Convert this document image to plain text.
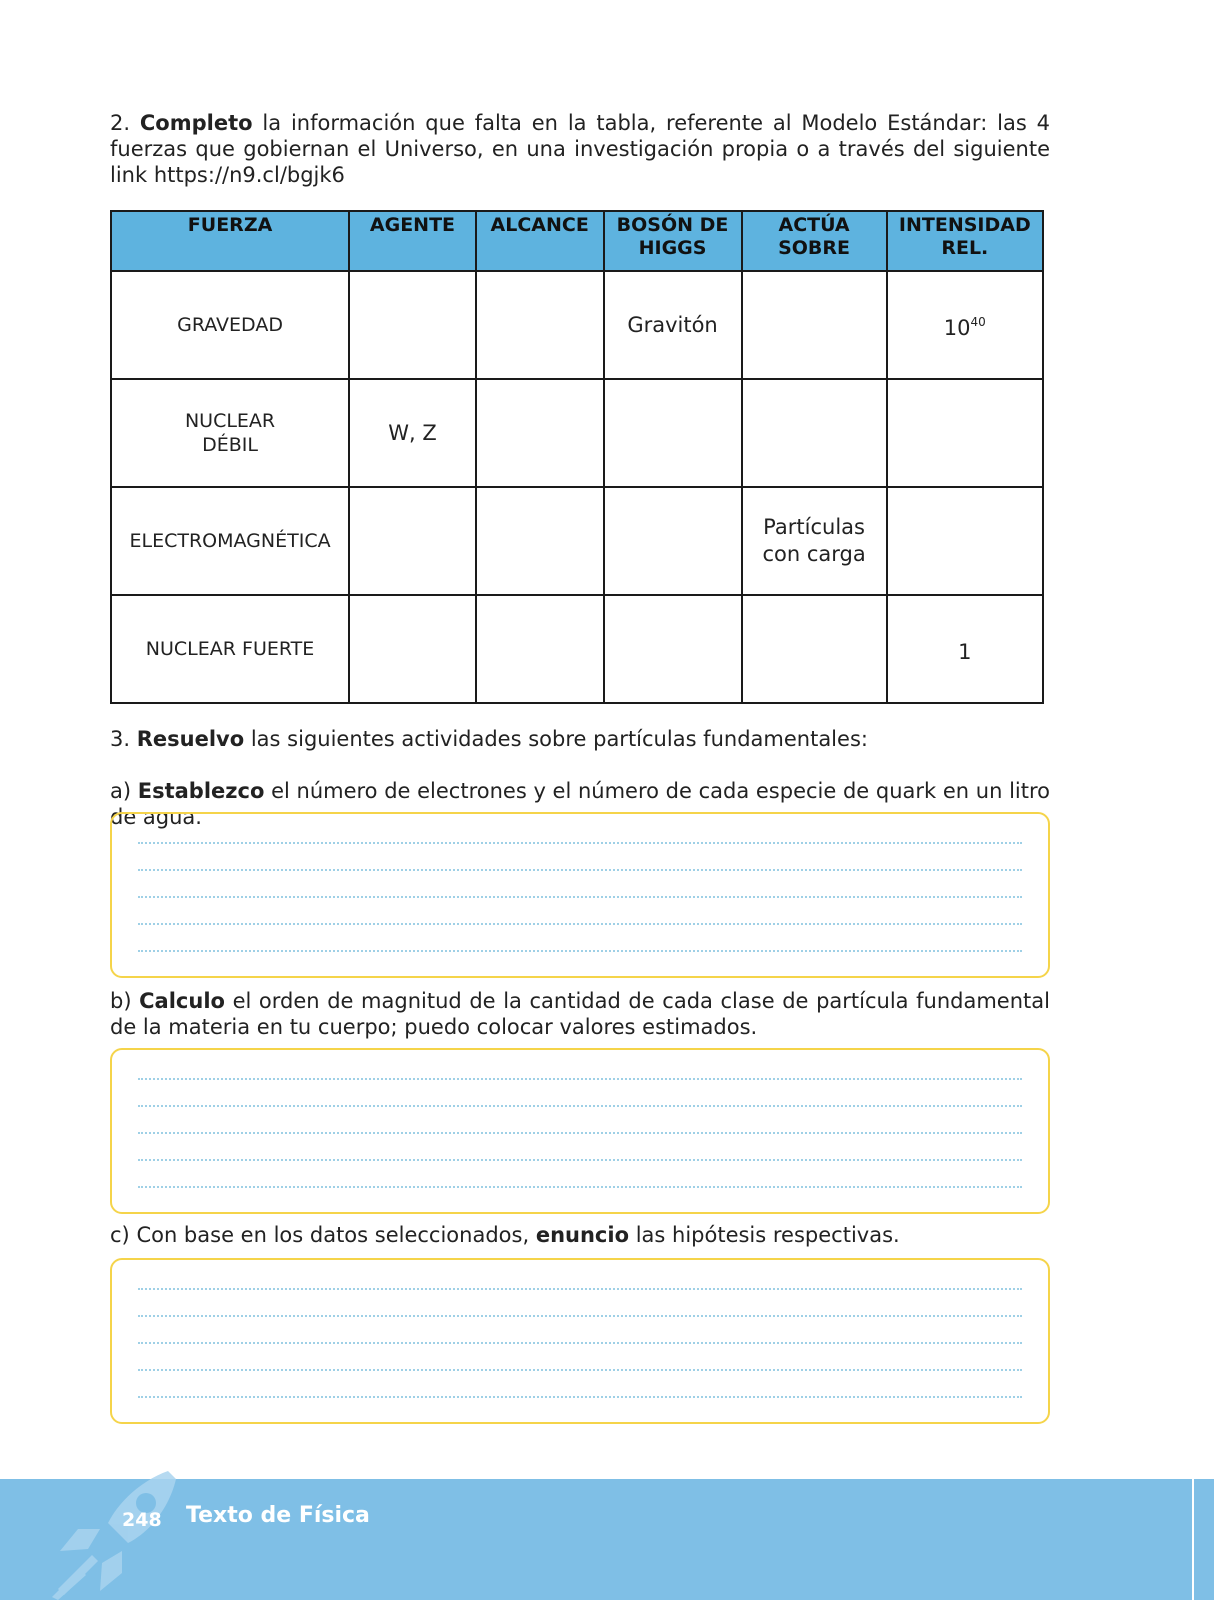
2. Completo la información que falta en la tabla, referente al Modelo Estándar: las 4 fuerzas que gobiernan el Universo, en una investigación propia o a través del siguiente link https://n9.cl/bgjk6
FUERZA	AGENTE	ALCANCE	BOSÓN DE HIGGS	ACTÚA SOBRE	INTENSIDAD REL.
GRAVEDAD			Gravitón		$10^{40}$
NUCLEAR DÉBIL	W, Z				
ELECTROMAGNÉTICA				Partículas con carga	
NUCLEAR FUERTE					1
3. Resuelvo las siguientes actividades sobre partículas fundamentales:
a) Establezco el número de electrones y el número de cada especie de quark en un litro de agua.
b) Calculo el orden de magnitud de la cantidad de cada clase de partícula fundamental de la materia en tu cuerpo; puedo colocar valores estimados.
c) Con base en los datos seleccionados, enuncio las hipótesis respectivas.
248 Texto de Física
